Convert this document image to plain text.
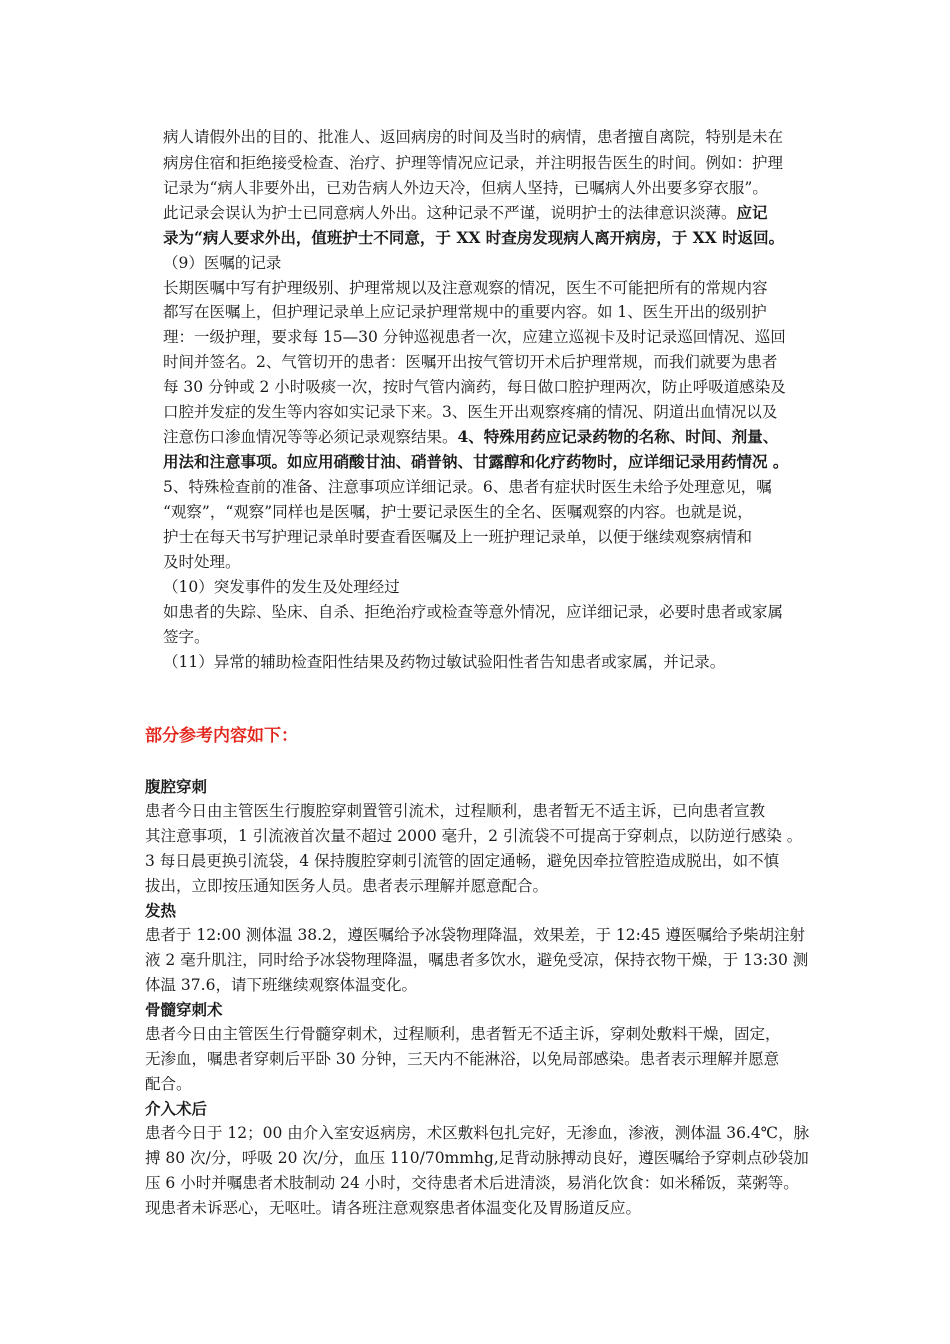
病人请假外出的目的、批准人、返回病房的时间及当时的病情，患者擅自离院，特别是未在

病房住宿和拒绝接受检查、治疗、护理等情况应记录，并注明报告医生的时间。例如：护理

记录为“病人非要外出，已劝告病人外边天冷，但病人坚持，已嘱病人外出要多穿衣服”。

此记录会误认为护士已同意病人外出。这种记录不严谨，说明护士的法律意识淡薄。应记

录为“病人要求外出，值班护士不同意，于 XX 时查房发现病人离开病房，于 XX 时返回。

（9）医嘱的记录

长期医嘱中写有护理级别、护理常规以及注意观察的情况，医生不可能把所有的常规内容

都写在医嘱上，但护理记录单上应记录护理常规中的重要内容。如 1、医生开出的级别护

理：一级护理，要求每 15—30 分钟巡视患者一次，应建立巡视卡及时记录巡回情况、巡回

时间并签名。2、气管切开的患者：医嘱开出按气管切开术后护理常规，而我们就要为患者

每 30 分钟或 2 小时吸痰一次，按时气管内滴药，每日做口腔护理两次，防止呼吸道感染及

口腔并发症的发生等内容如实记录下来。3、医生开出观察疼痛的情况、阴道出血情况以及

注意伤口渗血情况等等必须记录观察结果。4、特殊用药应记录药物的名称、时间、剂量、

用法和注意事项。如应用硝酸甘油、硝普钠、甘露醇和化疗药物时，应详细记录用药情况 。

5、特殊检查前的准备、注意事项应详细记录。6、患者有症状时医生未给予处理意见，嘱

“观察”，“观察”同样也是医嘱，护士要记录医生的全名、医嘱观察的内容。也就是说，

护士在每天书写护理记录单时要查看医嘱及上一班护理记录单，以便于继续观察病情和

及时处理。

（10）突发事件的发生及处理经过

如患者的失踪、坠床、自杀、拒绝治疗或检查等意外情况，应详细记录，必要时患者或家属

签字。

（11）异常的辅助检查阳性结果及药物过敏试验阳性者告知患者或家属，并记录。

部分参考内容如下：

腹腔穿刺

患者今日由主管医生行腹腔穿刺置管引流术，过程顺利，患者暂无不适主诉，已向患者宣教

其注意事项，1 引流液首次量不超过 2000 毫升，2 引流袋不可提高于穿刺点，以防逆行感染 。

3 每日晨更换引流袋，4 保持腹腔穿刺引流管的固定通畅，避免因牵拉管腔造成脱出，如不慎

拔出，立即按压通知医务人员。患者表示理解并愿意配合。

发热

患者于 12:00 测体温 38.2，遵医嘱给予冰袋物理降温，效果差，于 12:45 遵医嘱给予柴胡注射

液 2 毫升肌注，同时给予冰袋物理降温，嘱患者多饮水，避免受凉，保持衣物干燥，于 13:30 测

体温 37.6，请下班继续观察体温变化。

骨髓穿刺术

患者今日由主管医生行骨髓穿刺术，过程顺利，患者暂无不适主诉，穿刺处敷料干燥，固定，

无渗血，嘱患者穿刺后平卧 30 分钟，三天内不能淋浴，以免局部感染。患者表示理解并愿意

配合。

介入术后

患者今日于 12；00 由介入室安返病房，术区敷料包扎完好，无渗血，渗液，测体温 36.4℃，脉

搏 80 次/分，呼吸 20 次/分，血压 110/70mmhg,足背动脉搏动良好，遵医嘱给予穿刺点砂袋加

压 6 小时并嘱患者术肢制动 24 小时，交待患者术后进清淡，易消化饮食：如米稀饭，菜粥等。

现患者未诉恶心，无呕吐。请各班注意观察患者体温变化及胃肠道反应。
